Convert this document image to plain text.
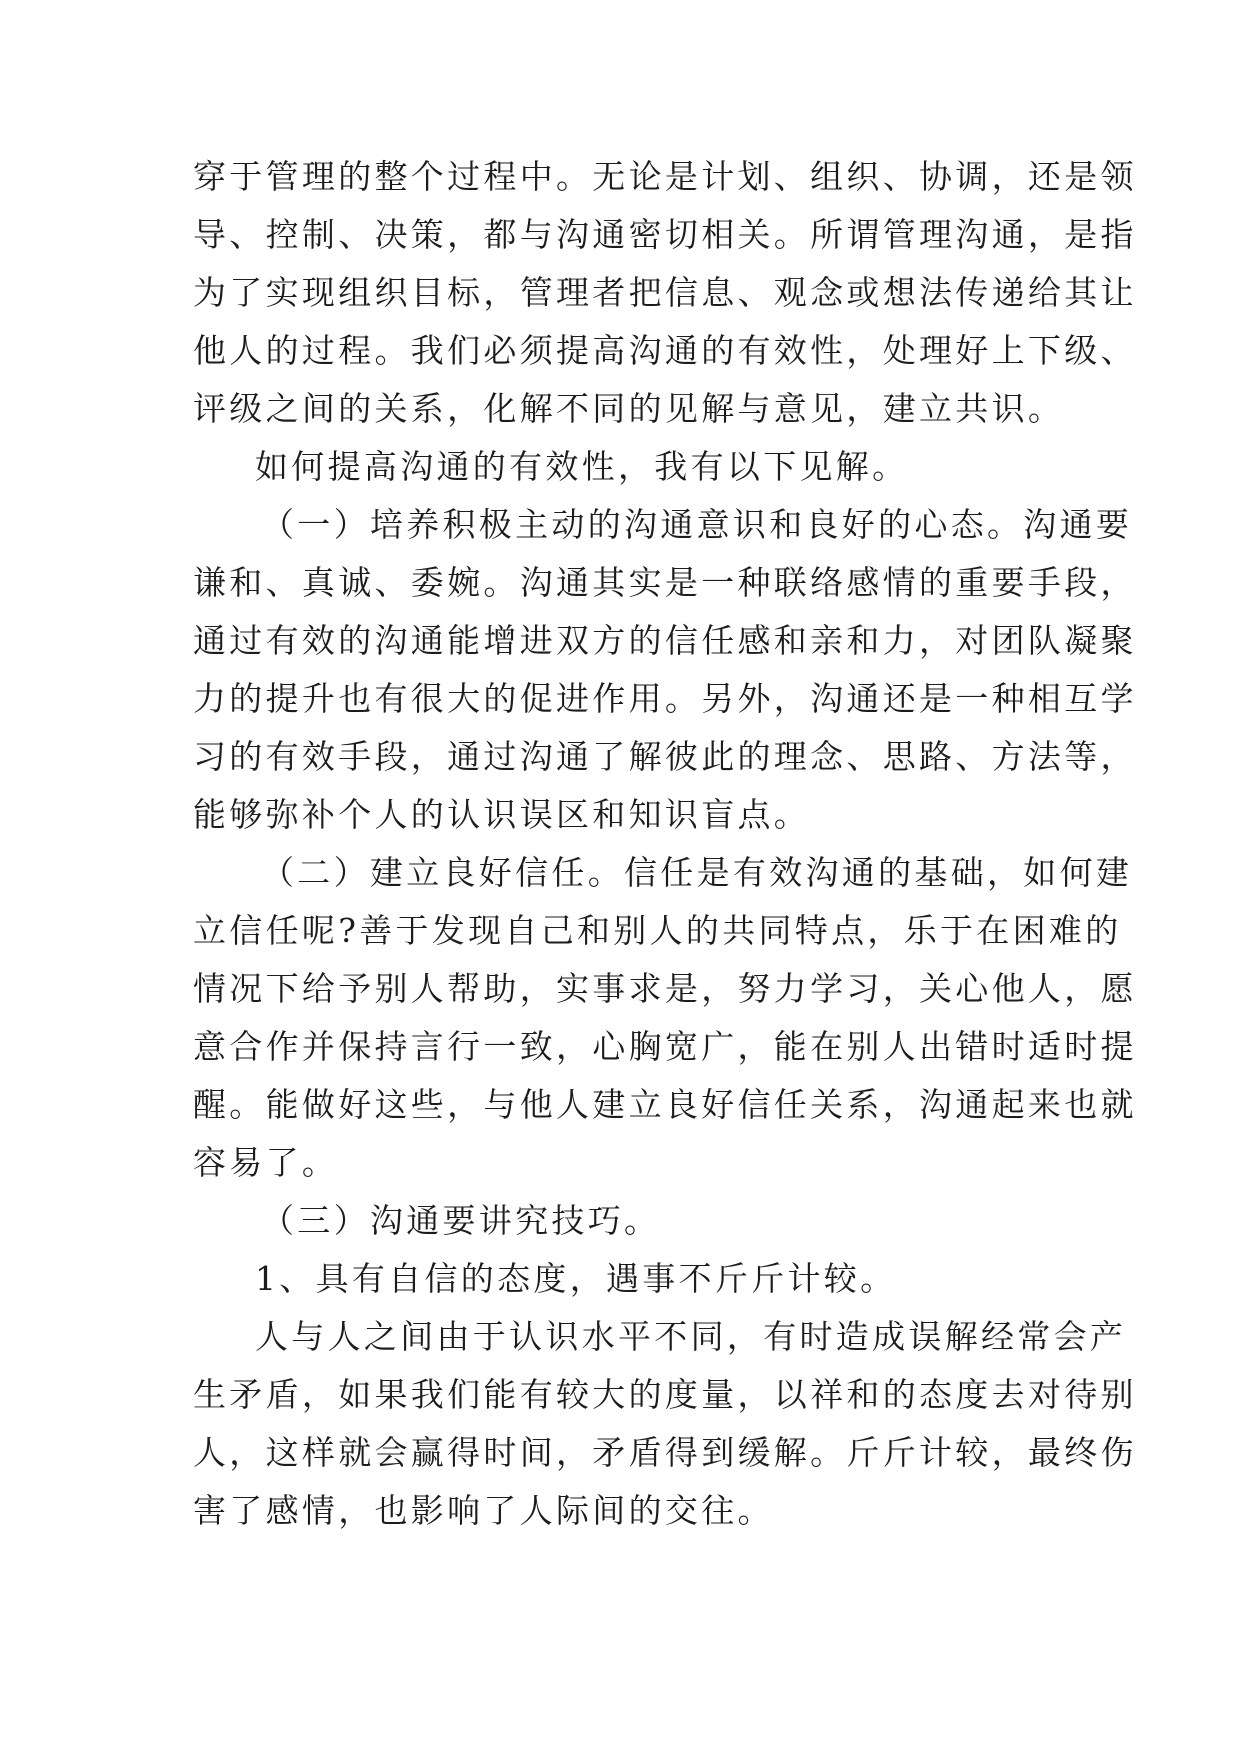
穿于管理的整个过程中。无论是计划、组织、协调，还是领
导、控制、决策，都与沟通密切相关。所谓管理沟通，是指
为了实现组织目标，管理者把信息、观念或想法传递给其让
他人的过程。我们必须提高沟通的有效性，处理好上下级、
评级之间的关系，化解不同的见解与意见，建立共识。
如何提高沟通的有效性，我有以下见解。
（一）培养积极主动的沟通意识和良好的心态。沟通要
谦和、真诚、委婉。沟通其实是一种联络感情的重要手段，
通过有效的沟通能增进双方的信任感和亲和力，对团队凝聚
力的提升也有很大的促进作用。另外，沟通还是一种相互学
习的有效手段，通过沟通了解彼此的理念、思路、方法等，
能够弥补个人的认识误区和知识盲点。
（二）建立良好信任。信任是有效沟通的基础，如何建
立信任呢?善于发现自己和别人的共同特点，乐于在困难的
情况下给予别人帮助，实事求是，努力学习，关心他人，愿
意合作并保持言行一致，心胸宽广，能在别人出错时适时提
醒。能做好这些，与他人建立良好信任关系，沟通起来也就
容易了。
（三）沟通要讲究技巧。
1、具有自信的态度，遇事不斤斤计较。
人与人之间由于认识水平不同，有时造成误解经常会产
生矛盾，如果我们能有较大的度量，以祥和的态度去对待别
人，这样就会赢得时间，矛盾得到缓解。斤斤计较，最终伤
害了感情，也影响了人际间的交往。
